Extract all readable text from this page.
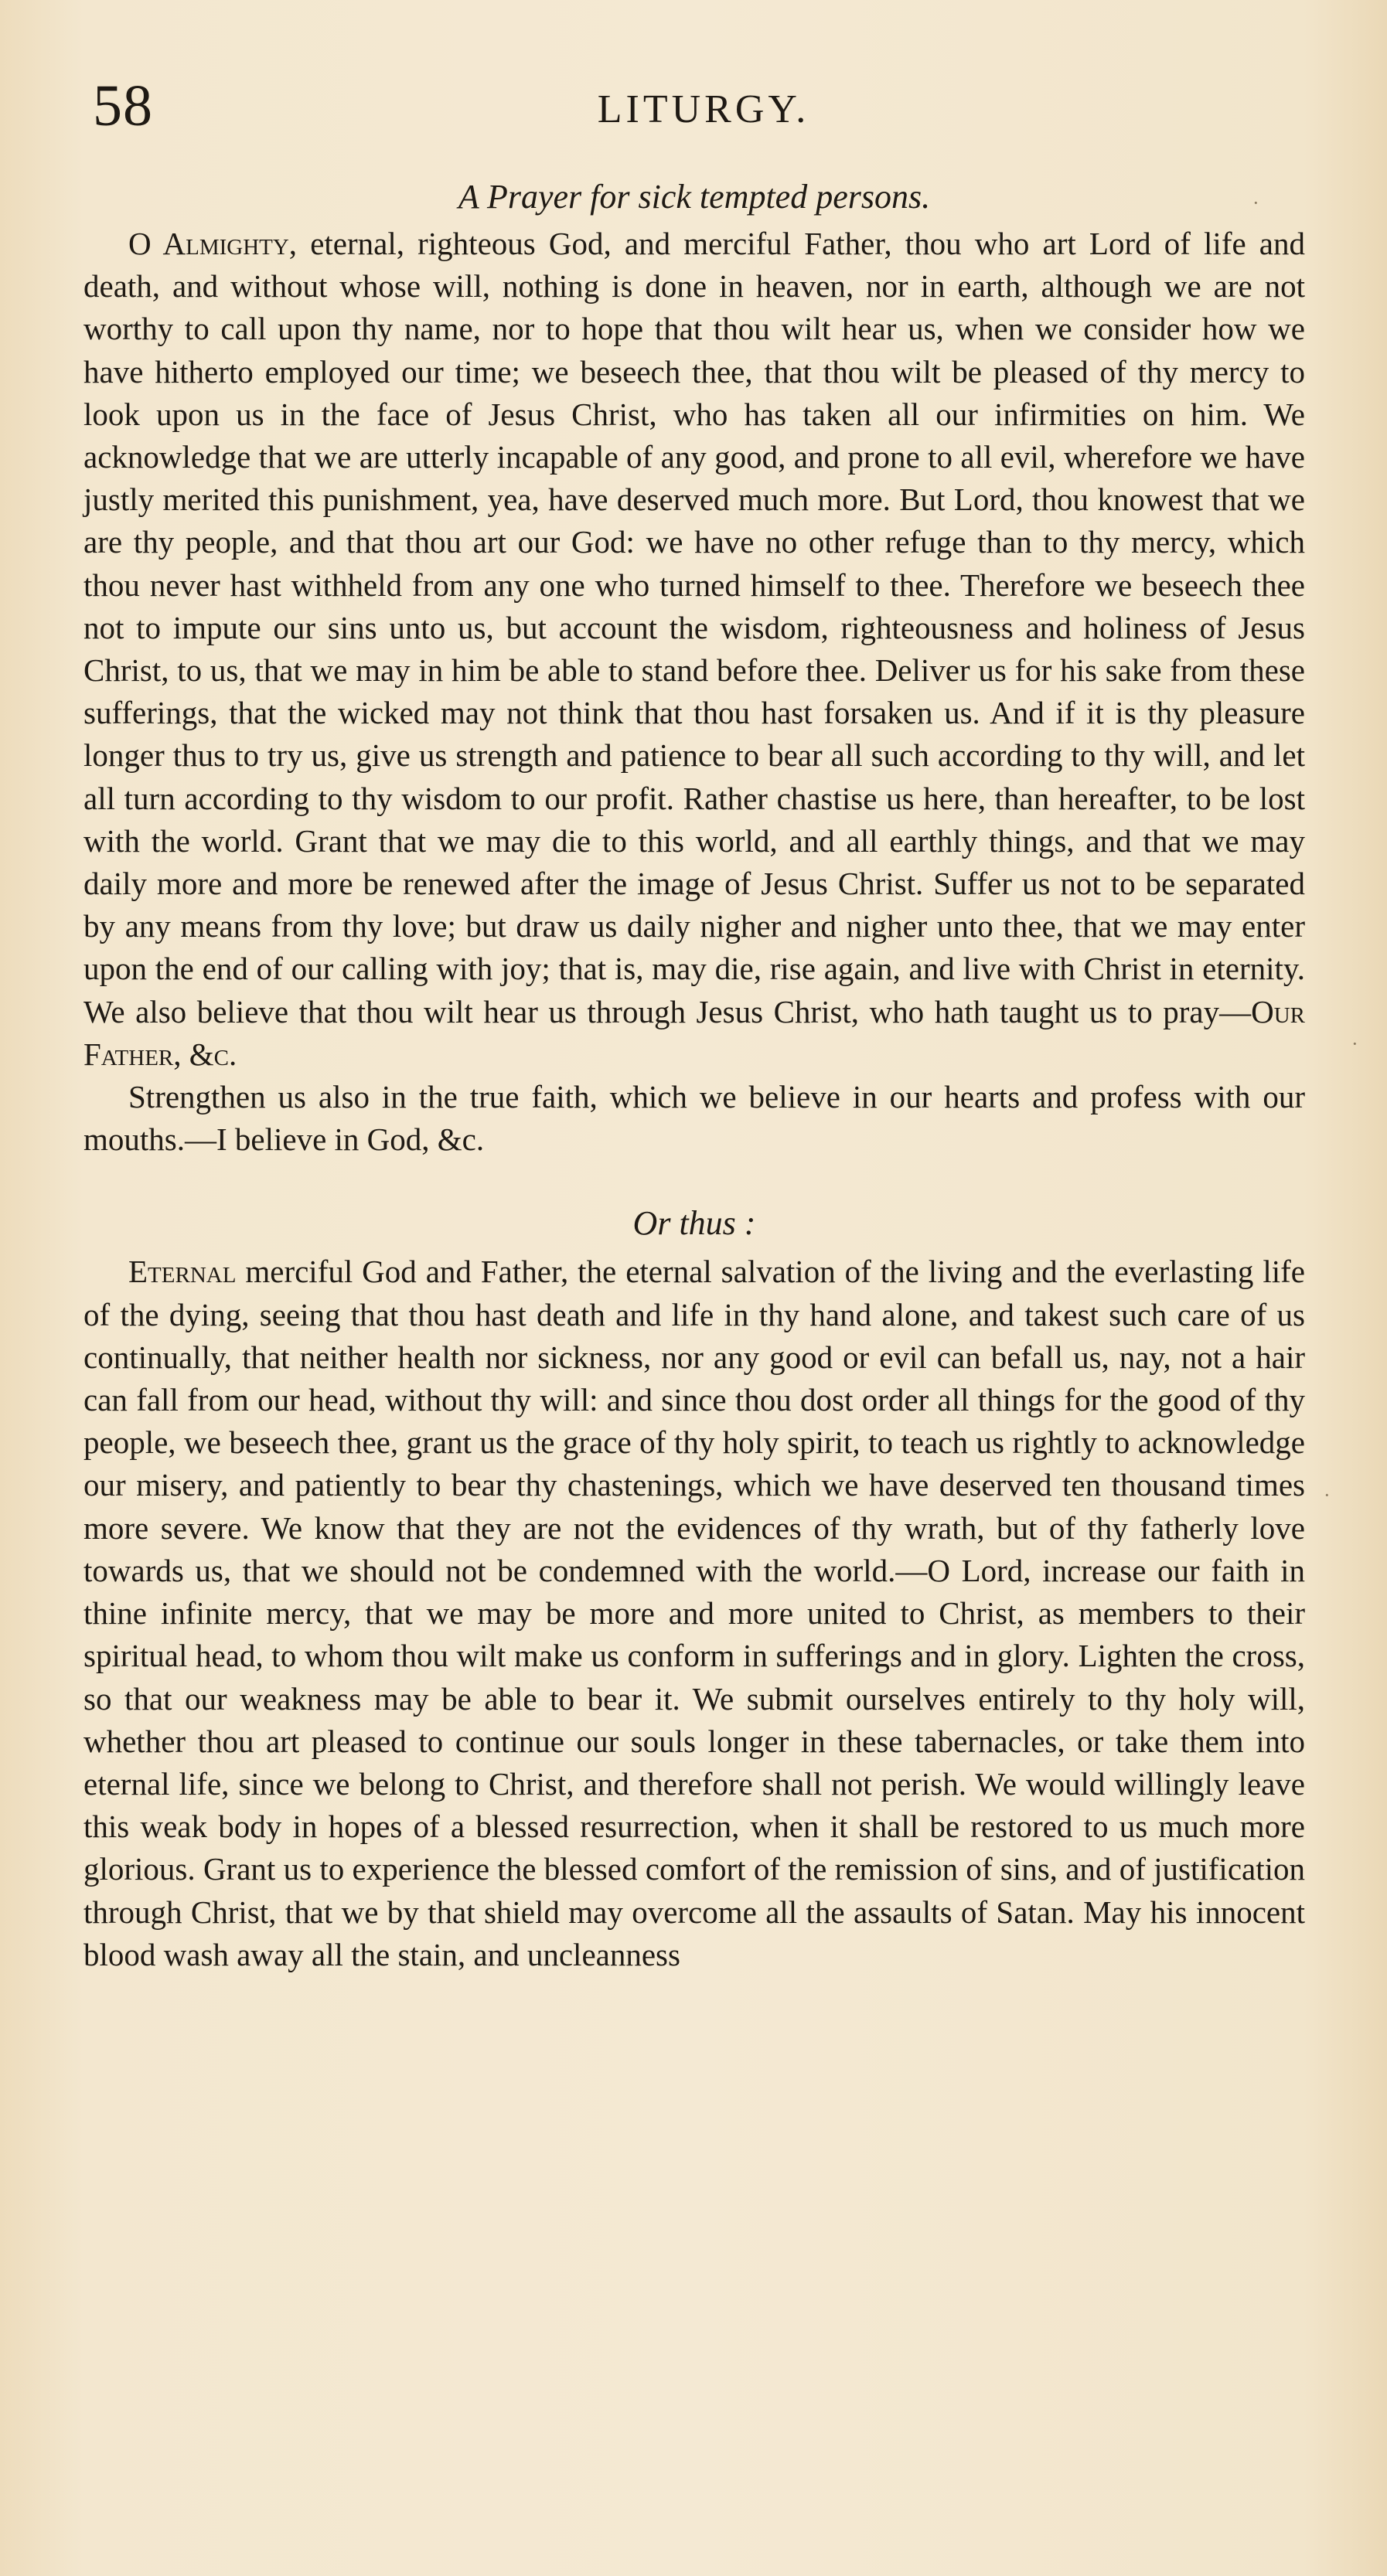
58	LITURGY.
A Prayer for sick tempted persons.

O Almighty, eternal, righteous God, and merciful Father, thou who art Lord of life and death, and without whose will, nothing is done in heaven, nor in earth, although we are not worthy to call upon thy name, nor to hope that thou wilt hear us, when we consider how we have hitherto employed our time; we beseech thee, that thou wilt be pleased of thy mercy to look upon us in the face of Jesus Christ, who has taken all our infirmities on him. We acknowledge that we are utterly incapable of any good, and prone to all evil, wherefore we have justly merited this punishment, yea, have deserved much more. But Lord, thou knowest that we are thy people, and that thou art our God: we have no other refuge than to thy mercy, which thou never hast withheld from any one who turned himself to thee. Therefore we beseech thee not to impute our sins unto us, but account the wisdom, righteousness and holiness of Jesus Christ, to us, that we may in him be able to stand before thee. Deliver us for his sake from these sufferings, that the wicked may not think that thou hast forsaken us. And if it is thy pleasure longer thus to try us, give us strength and patience to bear all such according to thy will, and let all turn according to thy wisdom to our profit. Rather chastise us here, than hereafter, to be lost with the world. Grant that we may die to this world, and all earthly things, and that we may daily more and more be renewed after the image of Jesus Christ. Suffer us not to be separated by any means from thy love; but draw us daily nigher and nigher unto thee, that we may enter upon the end of our calling with joy; that is, may die, rise again, and live with Christ in eternity. We also believe that thou wilt hear us through Jesus Christ, who hath taught us to pray—Our Father, &c.

Strengthen us also in the true faith, which we believe in our hearts and profess with our mouths.—I believe in God, &c.

Or thus :

Eternal merciful God and Father, the eternal salvation of the living and the everlasting life of the dying, seeing that thou hast death and life in thy hand alone, and takest such care of us continually, that neither health nor sickness, nor any good or evil can befall us, nay, not a hair can fall from our head, without thy will: and since thou dost order all things for the good of thy people, we beseech thee, grant us the grace of thy holy spirit, to teach us rightly to acknowledge our misery, and patiently to bear thy chastenings, which we have deserved ten thousand times more severe. We know that they are not the evidences of thy wrath, but of thy fatherly love towards us, that we should not be condemned with the world.—O Lord, increase our faith in thine infinite mercy, that we may be more and more united to Christ, as members to their spiritual head, to whom thou wilt make us conform in sufferings and in glory. Lighten the cross, so that our weakness may be able to bear it. We submit ourselves entirely to thy holy will, whether thou art pleased to continue our souls longer in these tabernacles, or take them into eternal life, since we belong to Christ, and therefore shall not perish. We would willingly leave this weak body in hopes of a blessed resurrection, when it shall be restored to us much more glorious. Grant us to experience the blessed comfort of the remission of sins, and of justification through Christ, that we by that shield may overcome all the assaults of Satan. May his innocent blood wash away all the stain, and uncleanness

·
·
·
